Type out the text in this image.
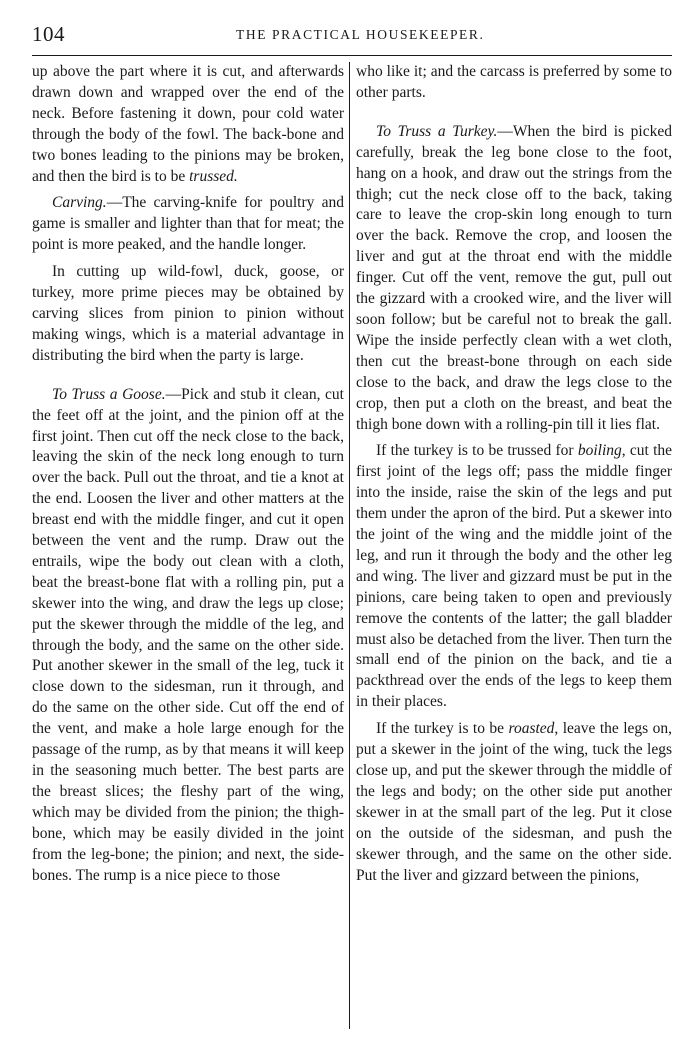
104	THE PRACTICAL HOUSEKEEPER.

up above the part where it is cut, and afterwards drawn down and wrapped over the end of the neck. Before fastening it down, pour cold water through the body of the fowl. The back-bone and two bones leading to the pinions may be broken, and then the bird is to be trussed.

Carving.—The carving-knife for poultry and game is smaller and lighter than that for meat; the point is more peaked, and the handle longer.

In cutting up wild-fowl, duck, goose, or turkey, more prime pieces may be obtained by carving slices from pinion to pinion without making wings, which is a material advantage in distributing the bird when the party is large.

To Truss a Goose.—Pick and stub it clean, cut the feet off at the joint, and the pinion off at the first joint. Then cut off the neck close to the back, leaving the skin of the neck long enough to turn over the back. Pull out the throat, and tie a knot at the end. Loosen the liver and other matters at the breast end with the middle finger, and cut it open between the vent and the rump. Draw out the entrails, wipe the body out clean with a cloth, beat the breast-bone flat with a rolling pin, put a skewer into the wing, and draw the legs up close; put the skewer through the middle of the leg, and through the body, and the same on the other side. Put another skewer in the small of the leg, tuck it close down to the sidesman, run it through, and do the same on the other side. Cut off the end of the vent, and make a hole large enough for the passage of the rump, as by that means it will keep in the seasoning much better. The best parts are the breast slices; the fleshy part of the wing, which may be divided from the pinion; the thigh-bone, which may be easily divided in the joint from the leg-bone; the pinion; and next, the side-bones. The rump is a nice piece to those

who like it; and the carcass is preferred by some to other parts.

To Truss a Turkey.—When the bird is picked carefully, break the leg bone close to the foot, hang on a hook, and draw out the strings from the thigh; cut the neck close off to the back, taking care to leave the crop-skin long enough to turn over the back. Remove the crop, and loosen the liver and gut at the throat end with the middle finger. Cut off the vent, remove the gut, pull out the gizzard with a crooked wire, and the liver will soon follow; but be careful not to break the gall. Wipe the inside perfectly clean with a wet cloth, then cut the breast-bone through on each side close to the back, and draw the legs close to the crop, then put a cloth on the breast, and beat the thigh bone down with a rolling-pin till it lies flat.

If the turkey is to be trussed for boiling, cut the first joint of the legs off; pass the middle finger into the inside, raise the skin of the legs and put them under the apron of the bird. Put a skewer into the joint of the wing and the middle joint of the leg, and run it through the body and the other leg and wing. The liver and gizzard must be put in the pinions, care being taken to open and previously remove the contents of the latter; the gall bladder must also be detached from the liver. Then turn the small end of the pinion on the back, and tie a packthread over the ends of the legs to keep them in their places.

If the turkey is to be roasted, leave the legs on, put a skewer in the joint of the wing, tuck the legs close up, and put the skewer through the middle of the legs and body; on the other side put another skewer in at the small part of the leg. Put it close on the outside of the sidesman, and push the skewer through, and the same on the other side. Put the liver and gizzard between the pinions,
